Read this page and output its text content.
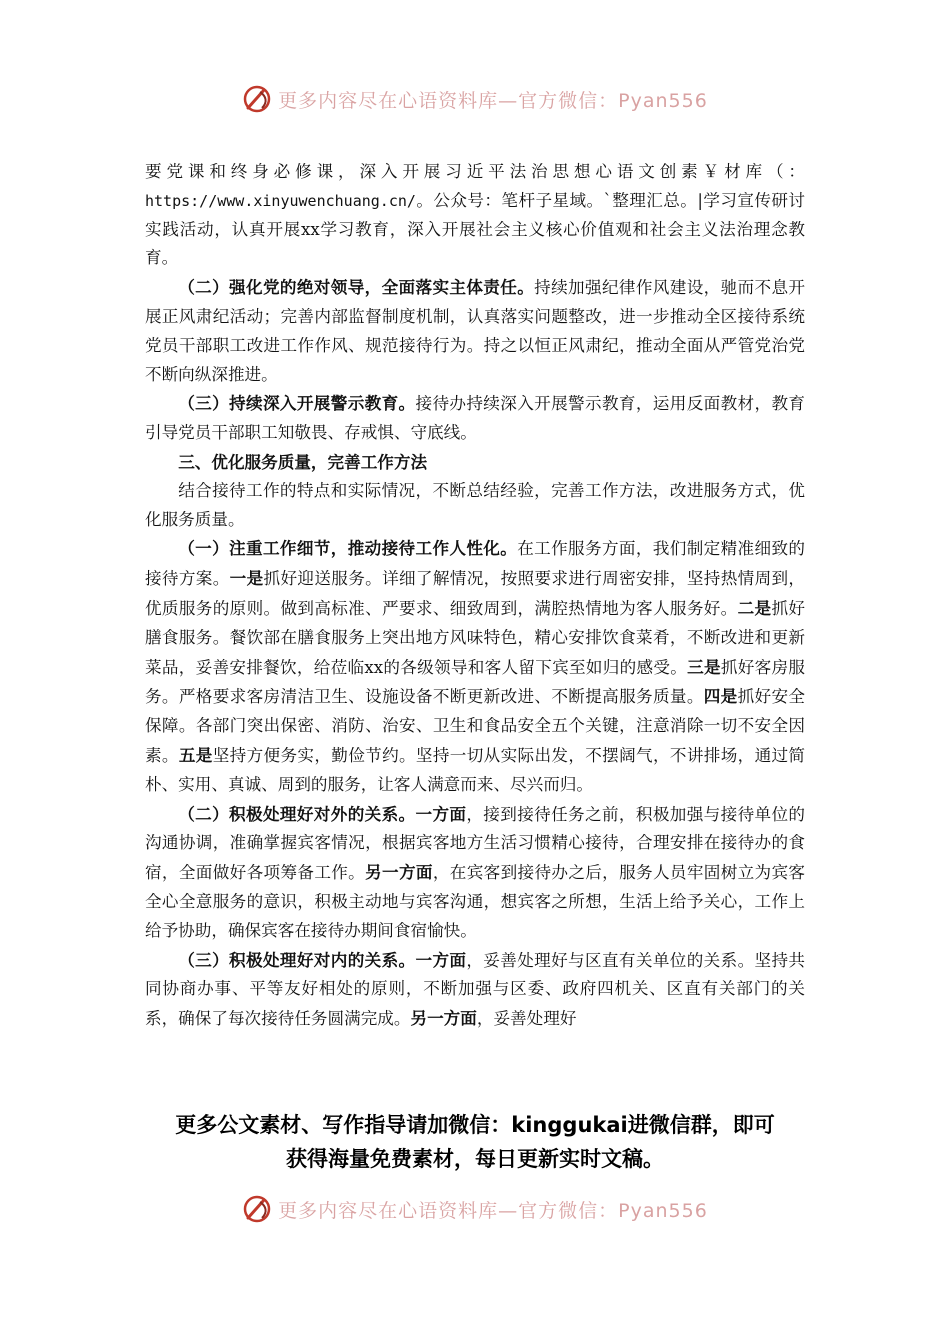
更多内容尽在心语资料库—官方微信：Pyan556

要党课和终身必修课，深入开展习近平法治思想心语文创素￥材库（：https://www.xinyuwenchuang.cn/。公众号：笔杆子星域。`整理汇总。|学习宣传研讨实践活动，认真开展xx学习教育，深入开展社会主义核心价值观和社会主义法治理念教育。

（二）强化党的绝对领导，全面落实主体责任。持续加强纪律作风建设，驰而不息开展正风肃纪活动；完善内部监督制度机制，认真落实问题整改，进一步推动全区接待系统党员干部职工改进工作作风、规范接待行为。持之以恒正风肃纪，推动全面从严管党治党不断向纵深推进。

（三）持续深入开展警示教育。接待办持续深入开展警示教育，运用反面教材，教育引导党员干部职工知敬畏、存戒惧、守底线。

三、优化服务质量，完善工作方法

结合接待工作的特点和实际情况，不断总结经验，完善工作方法，改进服务方式，优化服务质量。

（一）注重工作细节，推动接待工作人性化。在工作服务方面，我们制定精准细致的接待方案。一是抓好迎送服务。详细了解情况，按照要求进行周密安排，坚持热情周到，优质服务的原则。做到高标准、严要求、细致周到，满腔热情地为客人服务好。二是抓好膳食服务。餐饮部在膳食服务上突出地方风味特色，精心安排饮食菜肴，不断改进和更新菜品，妥善安排餐饮，给莅临xx的各级领导和客人留下宾至如归的感受。三是抓好客房服务。严格要求客房清洁卫生、设施设备不断更新改进、不断提高服务质量。四是抓好安全保障。各部门突出保密、消防、治安、卫生和食品安全五个关键，注意消除一切不安全因素。五是坚持方便务实，勤俭节约。坚持一切从实际出发，不摆阔气，不讲排场，通过简朴、实用、真诚、周到的服务，让客人满意而来、尽兴而归。

（二）积极处理好对外的关系。一方面，接到接待任务之前，积极加强与接待单位的沟通协调，准确掌握宾客情况，根据宾客地方生活习惯精心接待，合理安排在接待办的食宿，全面做好各项筹备工作。另一方面，在宾客到接待办之后，服务人员牢固树立为宾客全心全意服务的意识，积极主动地与宾客沟通，想宾客之所想，生活上给予关心，工作上给予协助，确保宾客在接待办期间食宿愉快。

（三）积极处理好对内的关系。一方面，妥善处理好与区直有关单位的关系。坚持共同协商办事、平等友好相处的原则，不断加强与区委、政府四机关、区直有关部门的关系，确保了每次接待任务圆满完成。另一方面，妥善处理好

更多公文素材、写作指导请加微信：kinggukai进微信群，即可
获得海量免费素材，每日更新实时文稿。
更多内容尽在心语资料库—官方微信：Pyan556
